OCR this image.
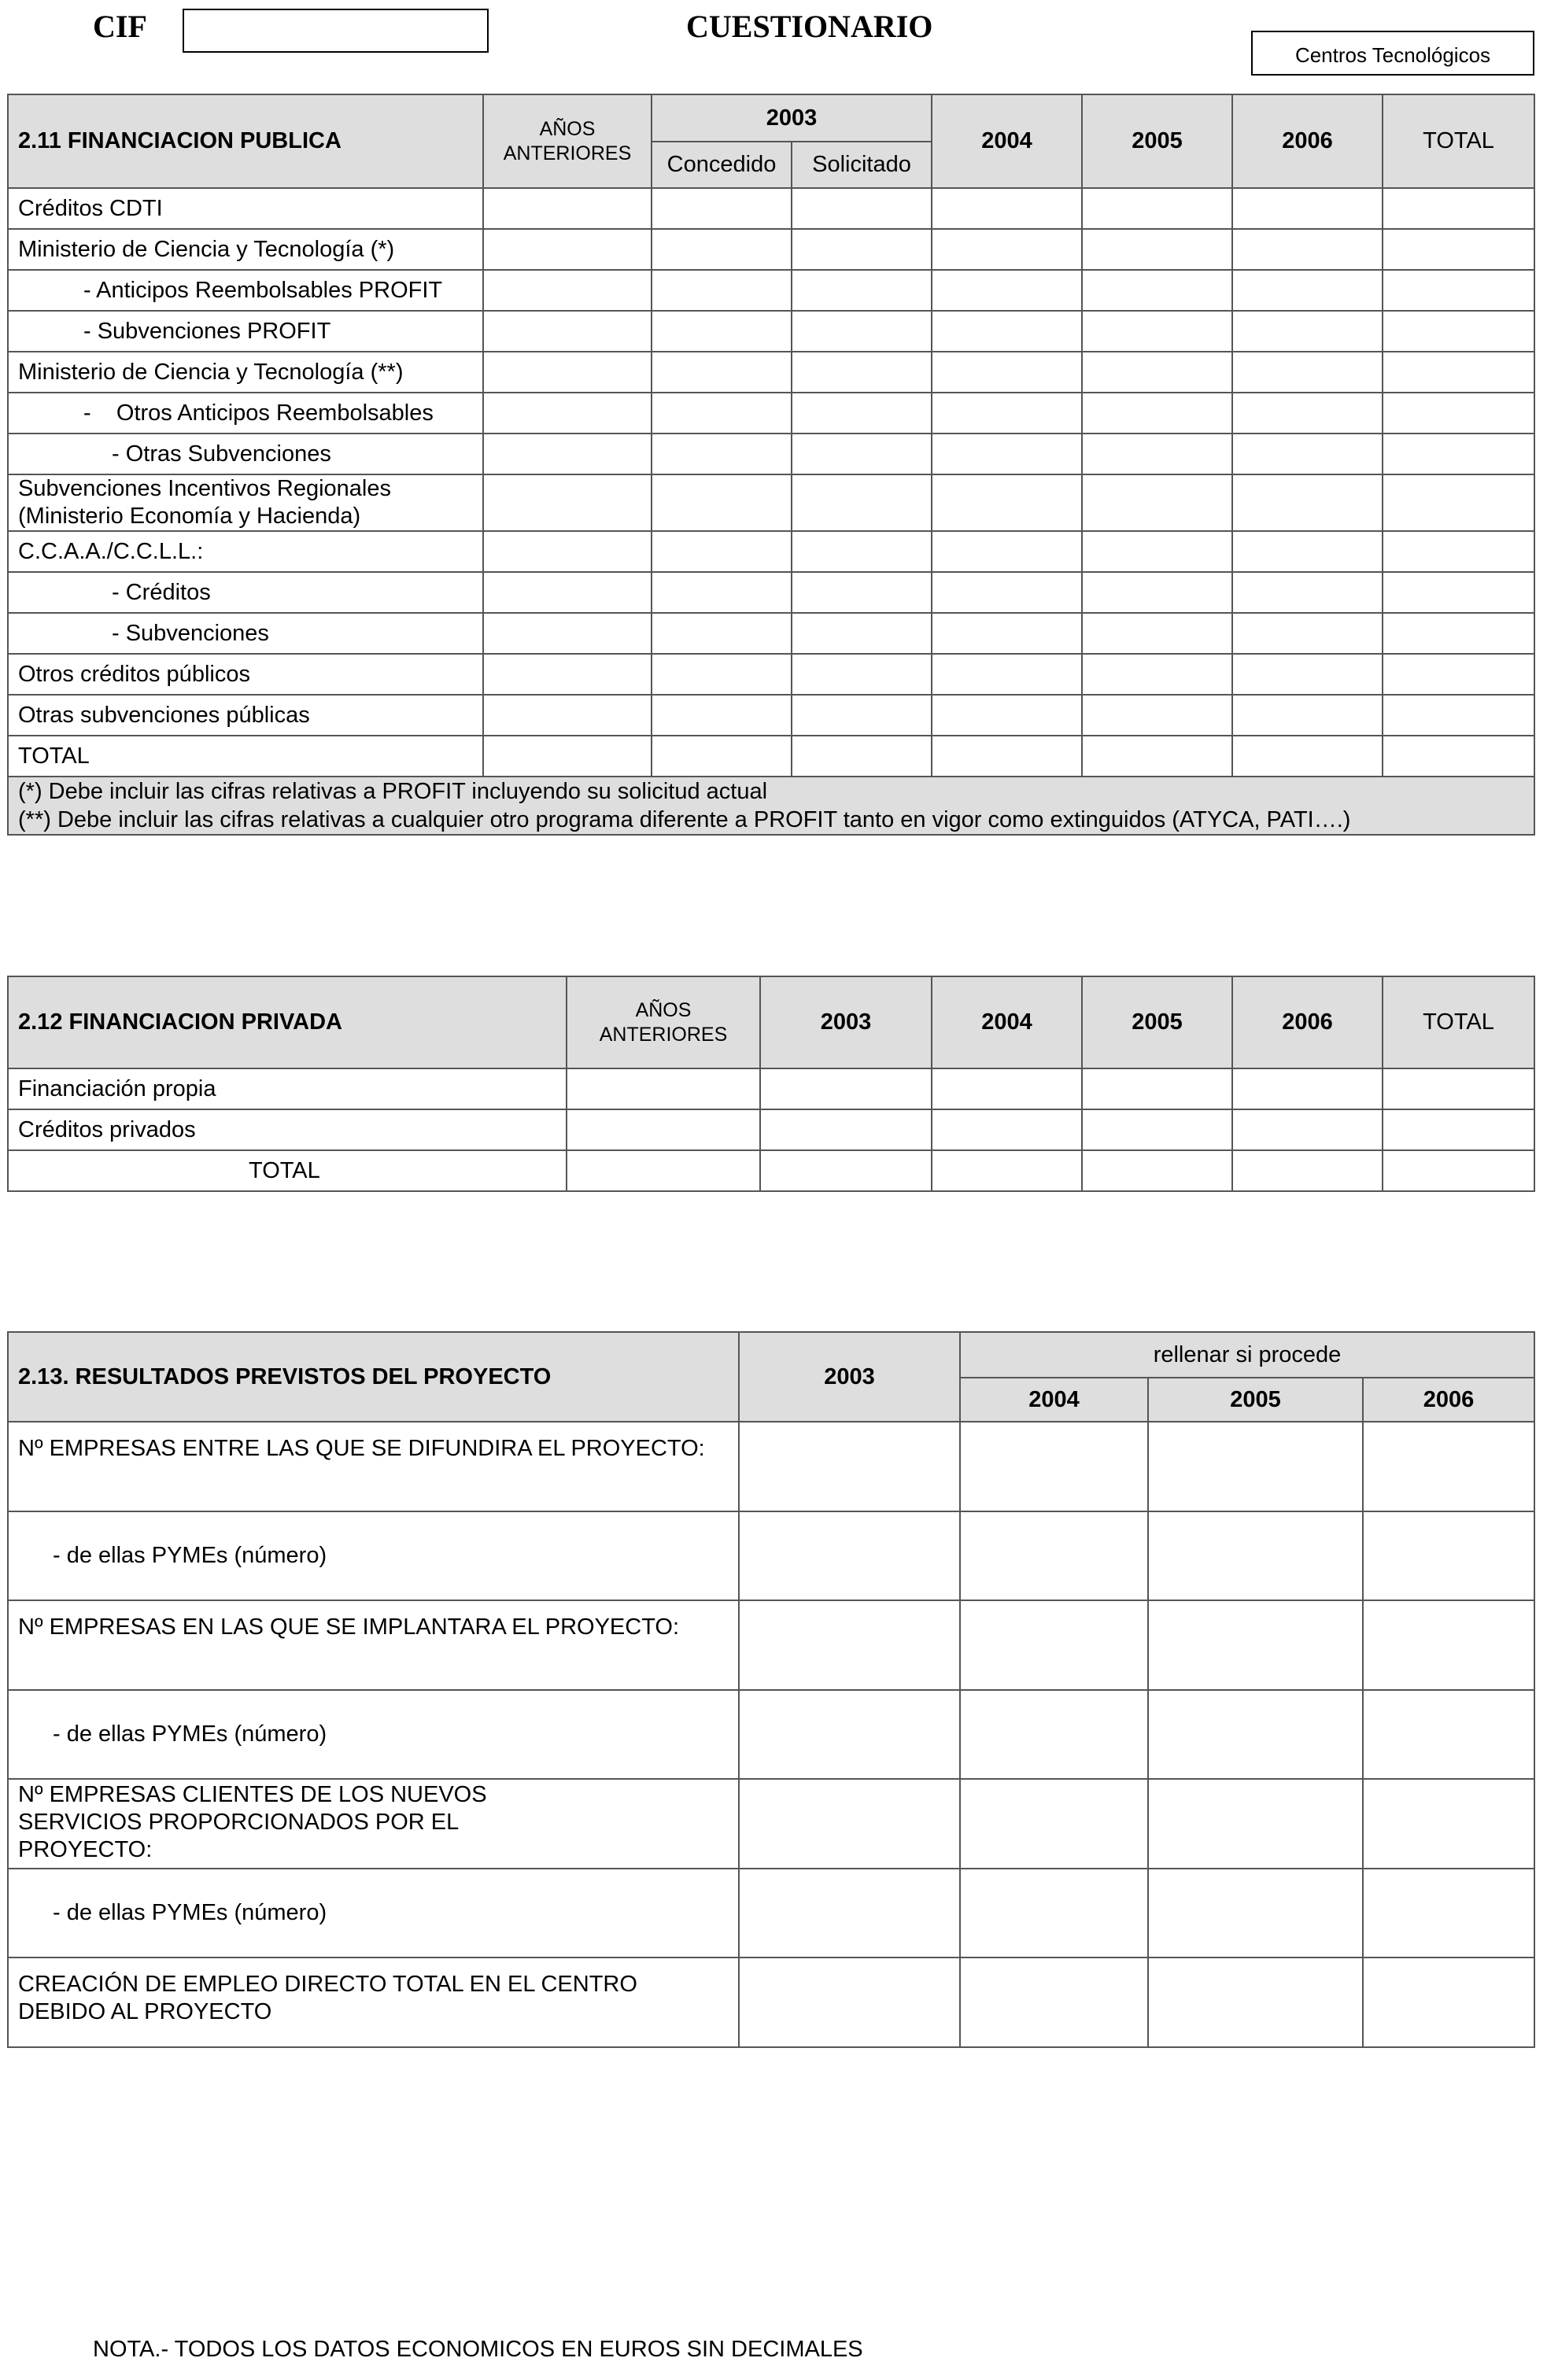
CIF	CUESTIONARIO
Centros Tecnológicos
2.11 FINANCIACION PUBLICA	AÑOS ANTERIORES	2003		2004	2005	2006	TOTAL
		Concedido	Solicitado				
Créditos CDTI							
Ministerio de Ciencia y Tecnología (*)							
- Anticipos Reembolsables PROFIT							
- Subvenciones PROFIT							
Ministerio de Ciencia y Tecnología (**)							
-    Otros Anticipos Reembolsables							
- Otras Subvenciones							
Subvenciones Incentivos Regionales (Ministerio Economía y Hacienda)							
C.C.A.A./C.C.L.L.:							
- Créditos							
- Subvenciones							
Otros créditos públicos							
Otras subvenciones públicas							
TOTAL							

(*) Debe incluir las cifras relativas a PROFIT incluyendo su solicitud actual
(**) Debe incluir las cifras relativas a cualquier otro programa diferente a PROFIT tanto en vigor como extinguidos (ATYCA, PATI….)							
2.12 FINANCIACION PRIVADA	AÑOS ANTERIORES	2003	2004	2005	2006	TOTAL
Financiación propia						
Créditos privados						
TOTAL						
2.13. RESULTADOS PREVISTOS DEL PROYECTO	2003	rellenar si procede		
		2004	2005	2006
Nº EMPRESAS ENTRE LAS QUE SE DIFUNDIRA EL PROYECTO:				
- de ellas PYMEs (número)				
Nº EMPRESAS EN LAS QUE SE IMPLANTARA EL PROYECTO:				
- de ellas PYMEs (número)				
Nº EMPRESAS CLIENTES DE LOS NUEVOS SERVICIOS PROPORCIONADOS POR EL PROYECTO:				
- de ellas PYMEs (número)				
CREACIÓN DE EMPLEO DIRECTO TOTAL EN EL CENTRO DEBIDO AL PROYECTO				
NOTA.- TODOS LOS DATOS ECONOMICOS EN EUROS SIN DECIMALES
